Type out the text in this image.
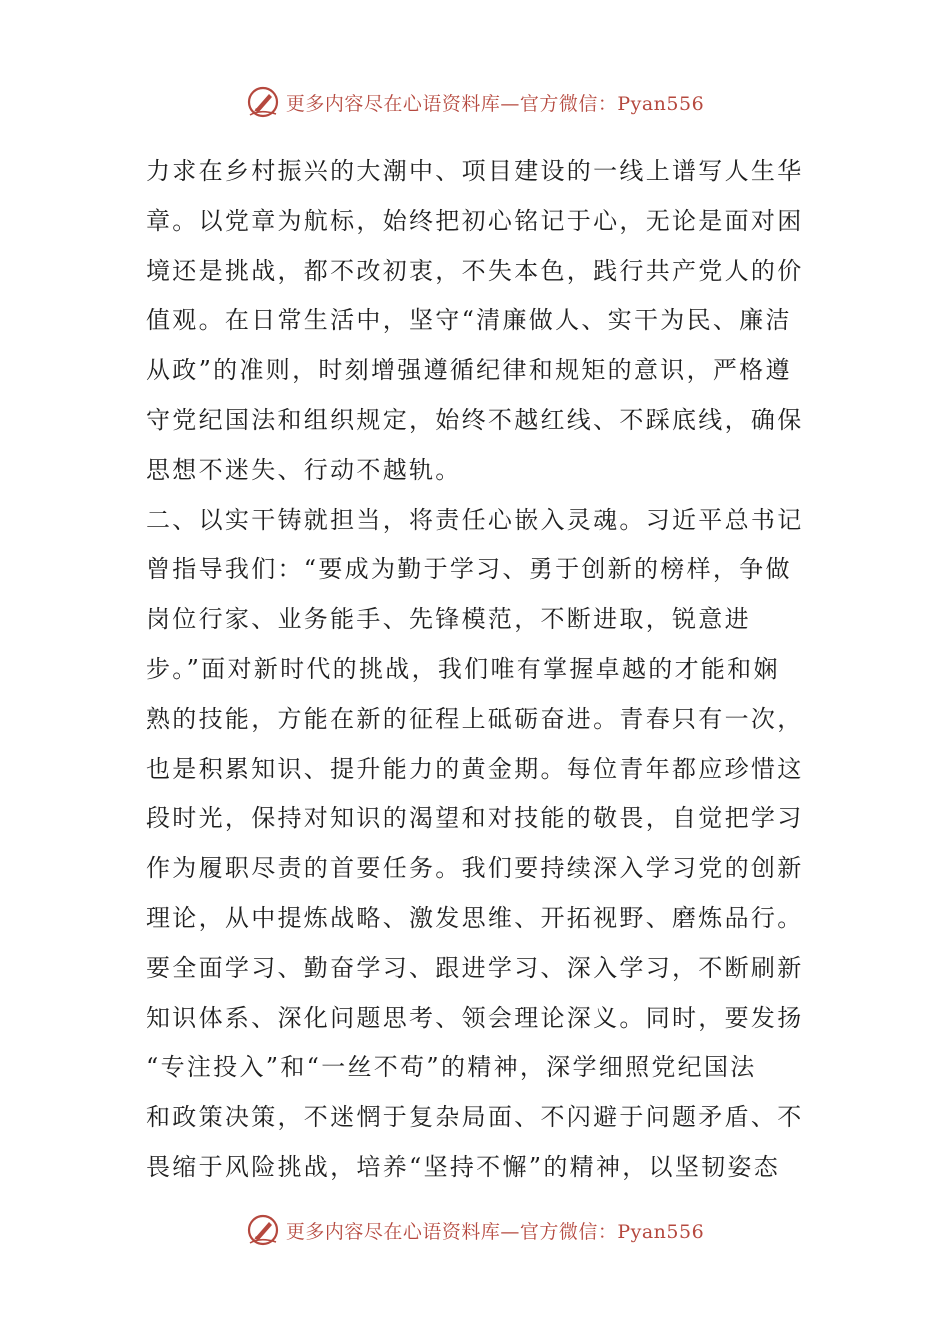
更多内容尽在心语资料库—官方微信：Pyan556
力求在乡村振兴的大潮中、项目建设的一线上谱写人生华
章。以党章为航标，始终把初心铭记于心，无论是面对困
境还是挑战，都不改初衷，不失本色，践行共产党人的价
值观。在日常生活中，坚守“清廉做人、实干为民、廉洁
从政”的准则，时刻增强遵循纪律和规矩的意识，严格遵
守党纪国法和组织规定，始终不越红线、不踩底线，确保
思想不迷失、行动不越轨。
二、以实干铸就担当，将责任心嵌入灵魂。习近平总书记
曾指导我们：“要成为勤于学习、勇于创新的榜样，争做
岗位行家、业务能手、先锋模范，不断进取，锐意进
步。”面对新时代的挑战，我们唯有掌握卓越的才能和娴
熟的技能，方能在新的征程上砥砺奋进。青春只有一次，
也是积累知识、提升能力的黄金期。每位青年都应珍惜这
段时光，保持对知识的渴望和对技能的敬畏，自觉把学习
作为履职尽责的首要任务。我们要持续深入学习党的创新
理论，从中提炼战略、激发思维、开拓视野、磨炼品行。
要全面学习、勤奋学习、跟进学习、深入学习，不断刷新
知识体系、深化问题思考、领会理论深义。同时，要发扬
“专注投入”和“一丝不苟”的精神，深学细照党纪国法
和政策决策，不迷惘于复杂局面、不闪避于问题矛盾、不
畏缩于风险挑战，培养“坚持不懈”的精神，以坚韧姿态
更多内容尽在心语资料库—官方微信：Pyan556
